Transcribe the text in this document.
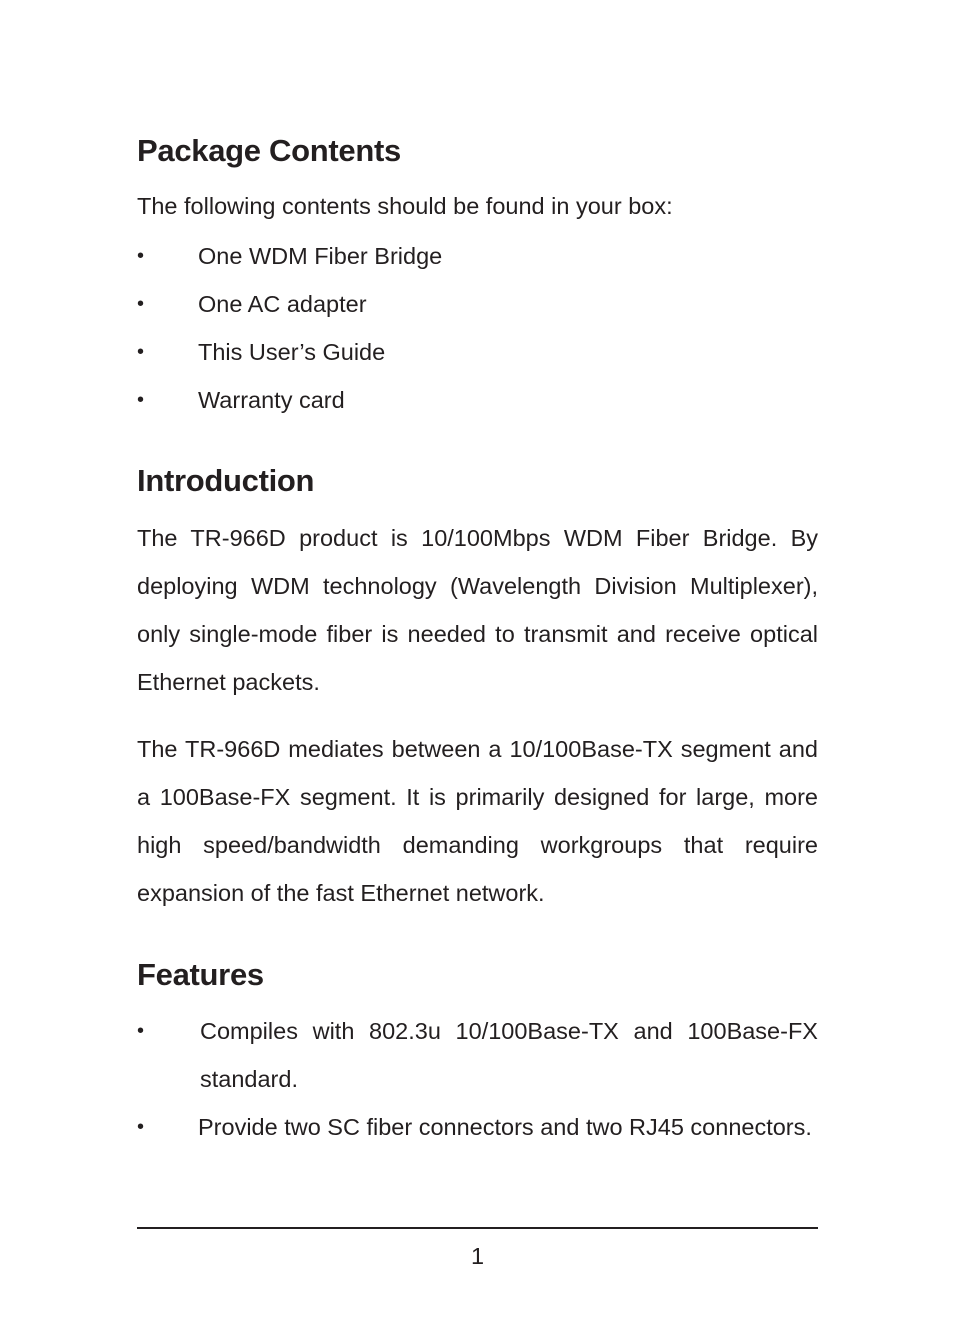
Package Contents
The following contents should be found in your box:
•	One WDM Fiber Bridge
•	One AC adapter
•	This User’s Guide
•	Warranty card
Introduction
The TR-966D product is 10/100Mbps WDM Fiber Bridge. By deploying WDM technology (Wavelength Division Multiplexer), only single-mode fiber is needed to transmit and receive optical Ethernet packets.
The TR-966D mediates between a 10/100Base-TX segment and a 100Base-FX segment. It is primarily designed for large, more high speed/bandwidth demanding workgroups that require expansion of the fast Ethernet network.
Features
•	Compiles with 802.3u 10/100Base-TX and 100Base-FX standard.
•	Provide two SC fiber connectors and two RJ45 connectors.
1
